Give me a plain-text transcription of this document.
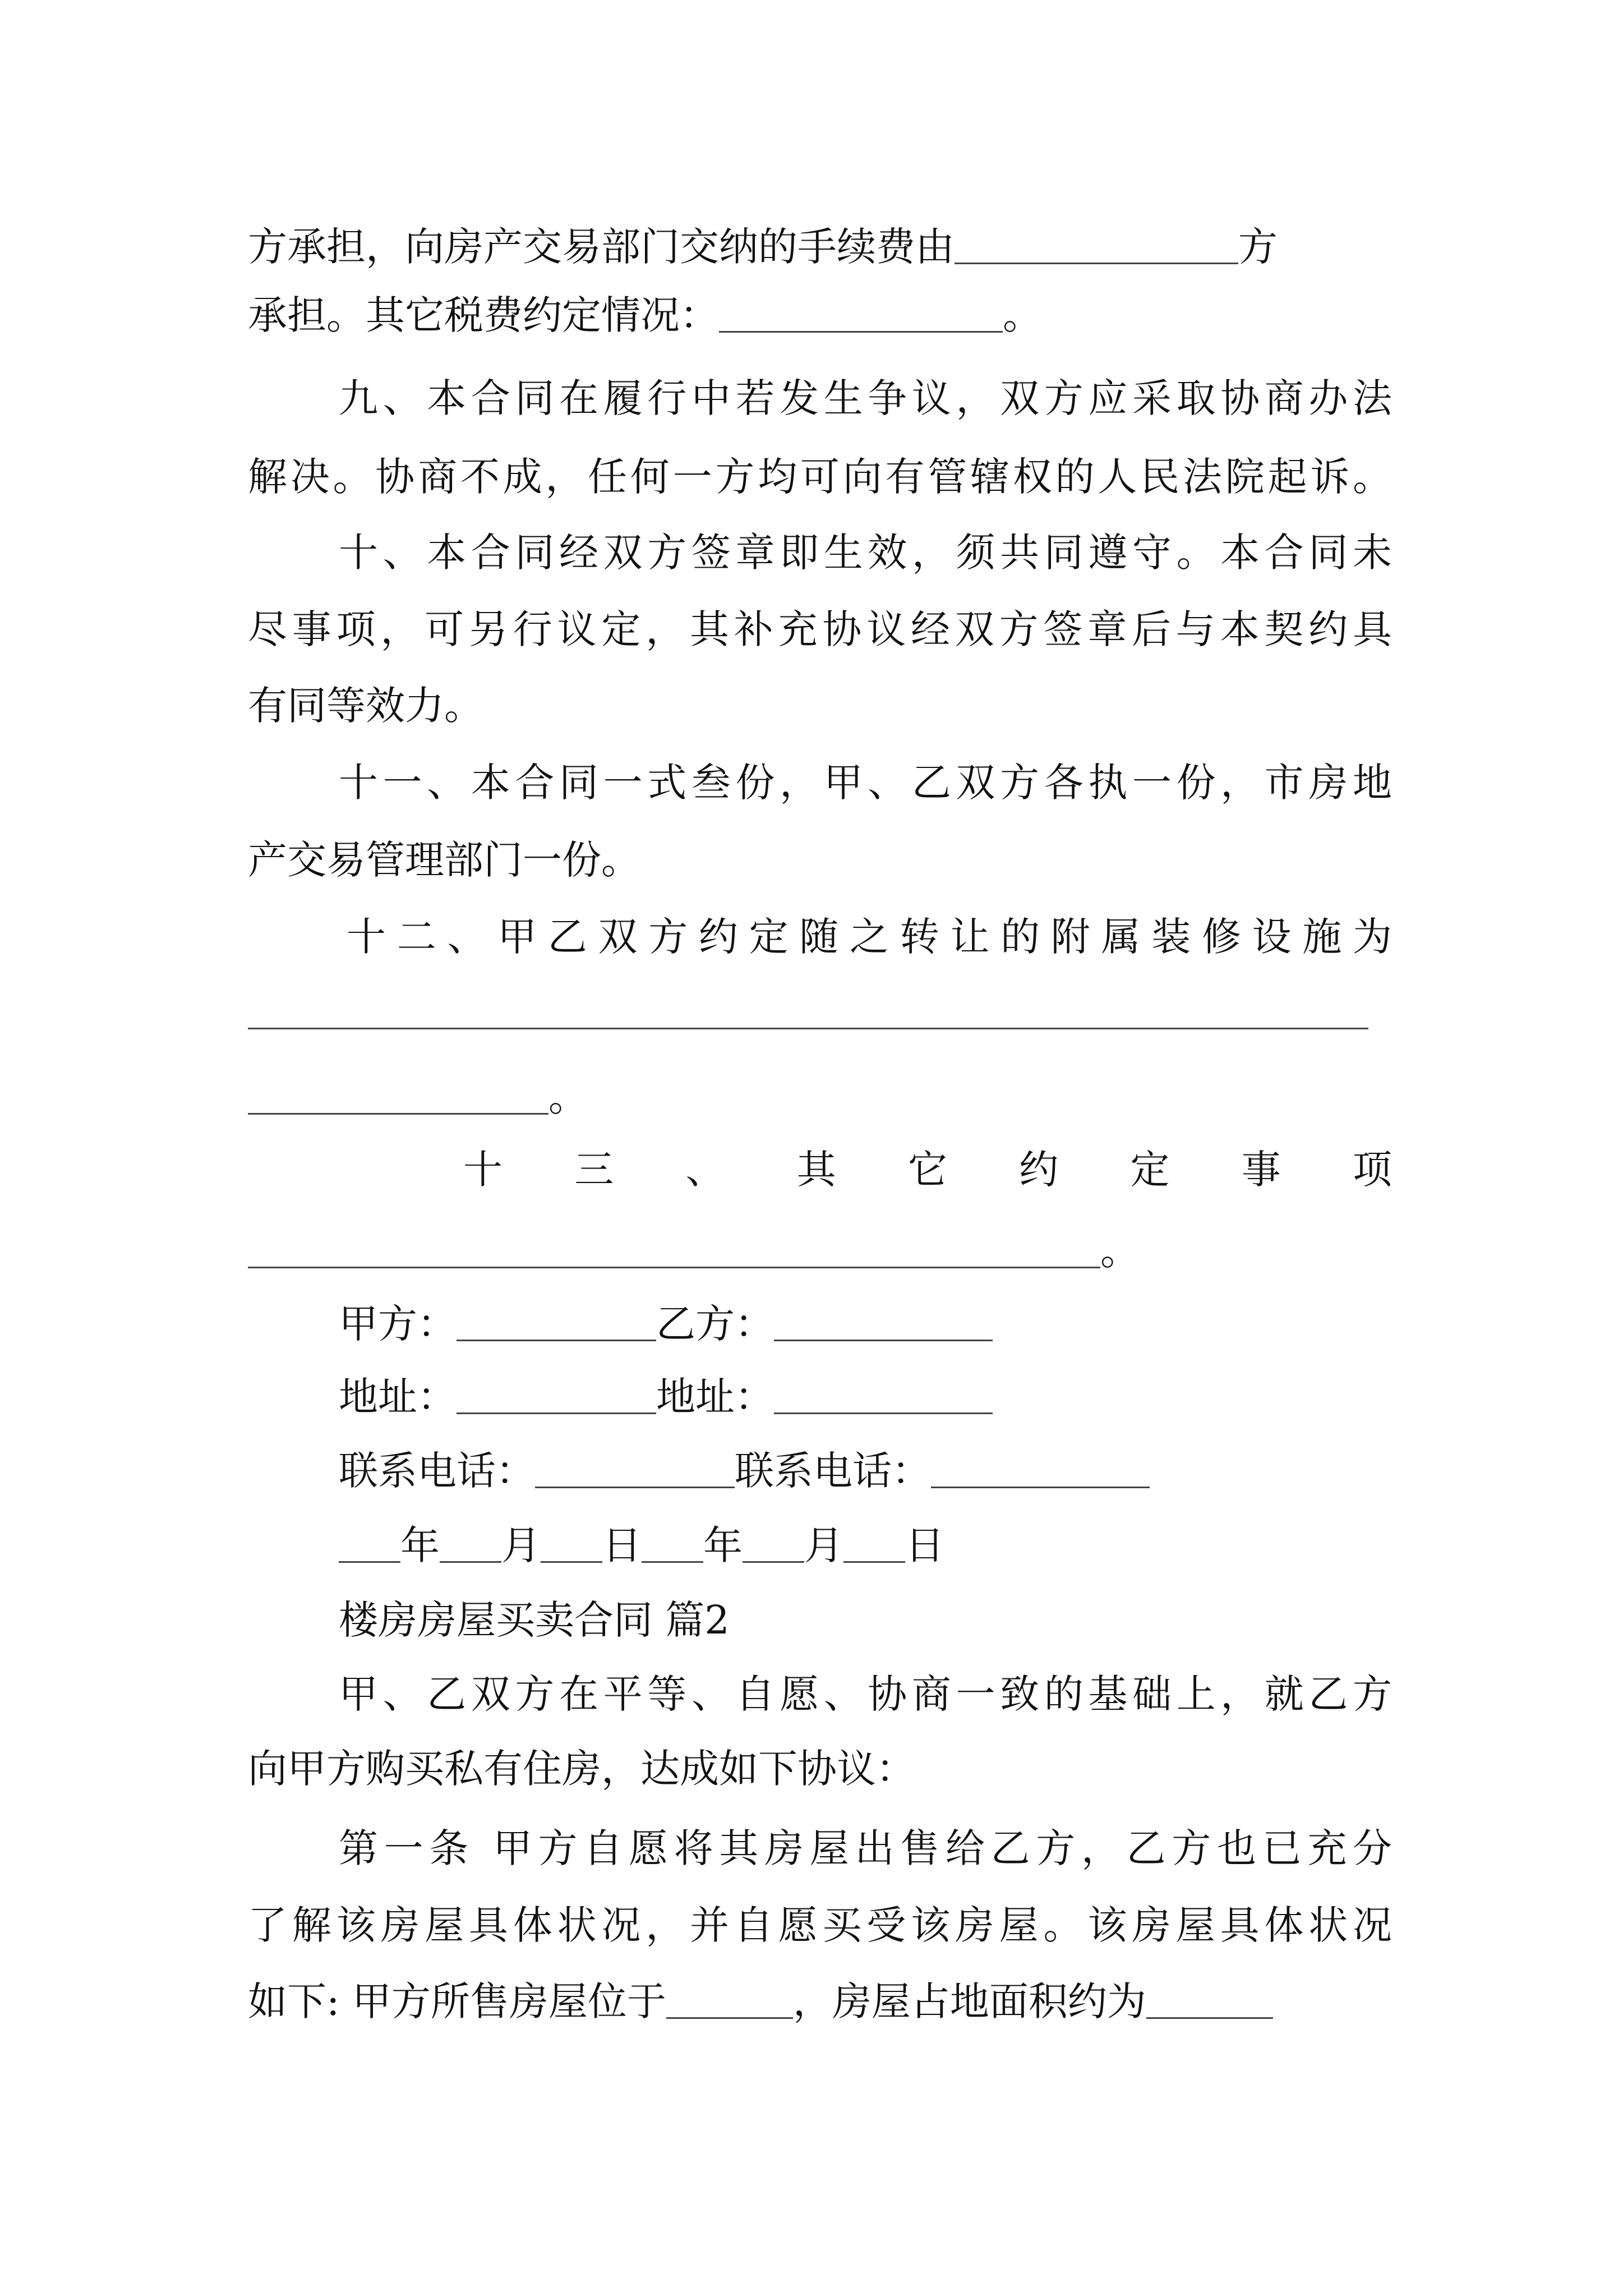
方承担，向房产交易部门交纳的手续费由	方
承担。其它税费约定情况：	。
九、本合同在履行中若发生争议，双方应采取协商办法
解决。协商不成，任何一方均可向有管辖权的人民法院起诉。
十、本合同经双方签章即生效，须共同遵守。本合同未
尽事项，可另行议定，其补充协议经双方签章后与本契约具
有同等效力。
十一、本合同一式叁份，甲、乙双方各执一份，市房地
产交易管理部门一份。
十二、甲乙双方约定随之转让的附属装修设施为
。
十三、其它约定事项
。
甲方：	乙方：
地址：	地址：
联系电话：	联系电话：
年 月 日 年 月 日
楼房房屋买卖合同 篇2
甲、乙双方在平等、自愿、协商一致的基础上，就乙方
向甲方购买私有住房，达成如下协议：
第一条 甲方自愿将其房屋出售给乙方，乙方也已充分
了解该房屋具体状况，并自愿买受该房屋。该房屋具体状况
如下: 甲方所售房屋位于	，房屋占地面积约为
